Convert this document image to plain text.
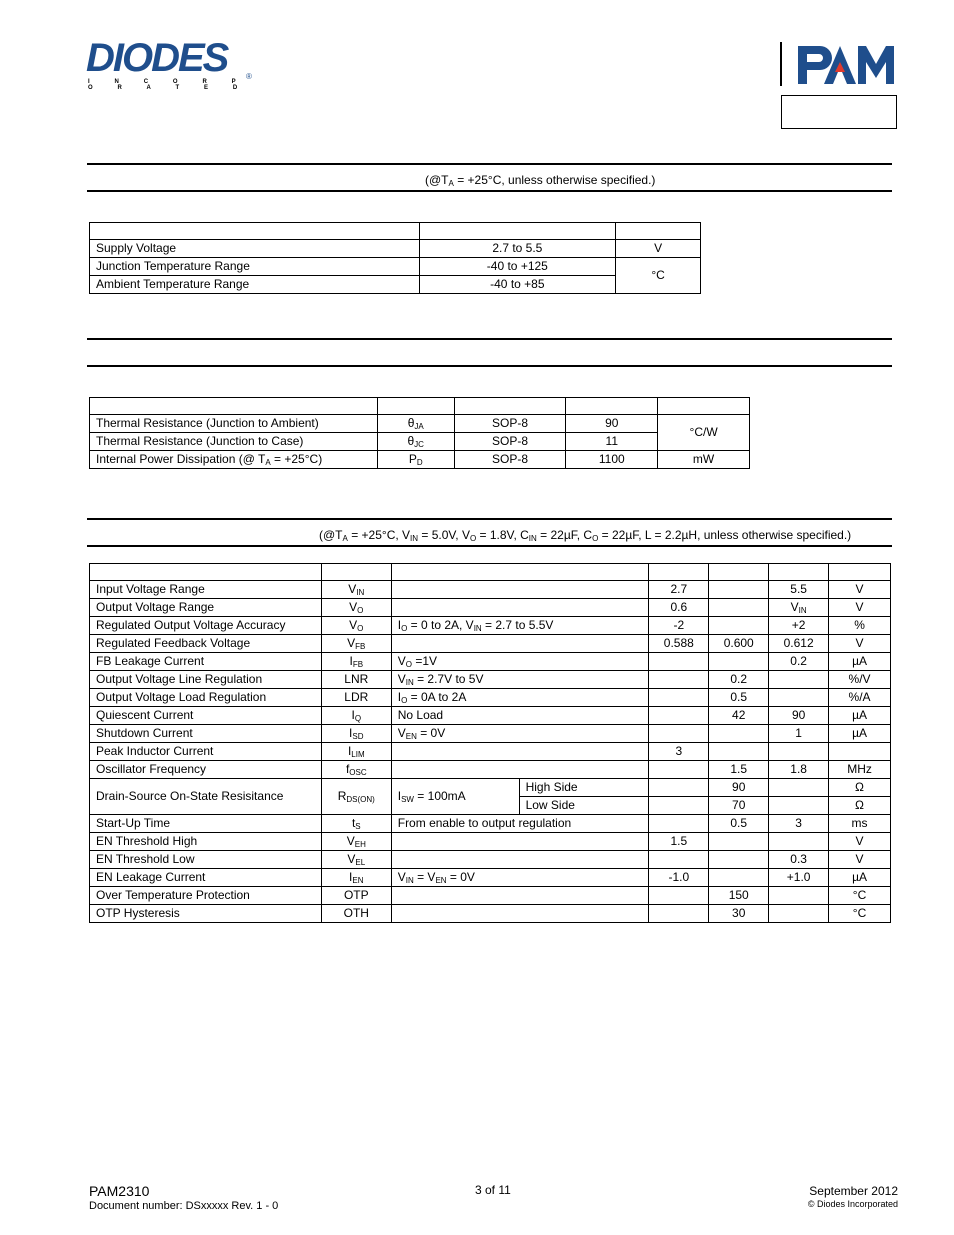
DIODES
I N C O R P O R A T E D
®
($@T_A = +25^\circ C$, unless otherwise specified.)

Supply Voltage	2.7 to 5.5	V
Junction Temperature Range	-40 to +125	°C
Ambient Temperature Range	-40 to +85	

Thermal Resistance (Junction to Ambient)	$\theta_{JA}$	SOP-8	90	°C/W
Thermal Resistance (Junction to Case)	$\theta_{JC}$	SOP-8	11	
Internal Power Dissipation (@ $T_A = +25^\circ C$)	$P_D$	SOP-8	1100	mW
($@T_A = +25^\circ C$, $V_{IN} = 5.0V$, $V_O = 1.8V$, $C_{IN} = 22\mu F$, $C_O = 22\mu F$, L = 2.2µH, unless otherwise specified.)

Input Voltage Range	$V_{IN}$			2.7		5.5	V
Output Voltage Range	$V_O$			0.6		$V_{IN}$	V
Regulated Output Voltage Accuracy	$V_O$	$I_O = 0$ to 2A, $V_{IN} = 2.7$ to 5.5V		-2		+2	%
Regulated Feedback Voltage	$V_{FB}$			0.588	0.600	0.612	V
FB Leakage Current	$I_{FB}$	$V_O =1V$				0.2	µA
Output Voltage Line Regulation	LNR	$V_{IN} = 2.7V$ to 5V			0.2		%/V
Output Voltage Load Regulation	LDR	$I_O = 0A$ to 2A			0.5		%/A
Quiescent Current	$I_Q$	No Load			42	90	µA
Shutdown Current	$I_{SD}$	$V_{EN} = 0V$				1	µA
Peak Inductor Current	$I_{LIM}$			3			
Oscillator Frequency	$f_{OSC}$				1.5	1.8	MHz
Drain-Source On-State Resisitance	$R_{DS(ON)}$	$I_{SW} = 100mA$	High Side		90		Ω
			Low Side		70		Ω
Start-Up Time	$t_S$	From enable to output regulation			0.5	3	ms
EN Threshold High	$V_{EH}$			1.5			V
EN Threshold Low	$V_{EL}$					0.3	V
EN Leakage Current	$I_{EN}$	$V_{IN} = V_{EN} = 0V$		-1.0		+1.0	µA
Over Temperature Protection	OTP				150		°C
OTP Hysteresis	OTH				30		°C
PAM2310
Document number: DSxxxxx Rev. 1 - 0
3 of 11	September 2012
© Diodes Incorporated
